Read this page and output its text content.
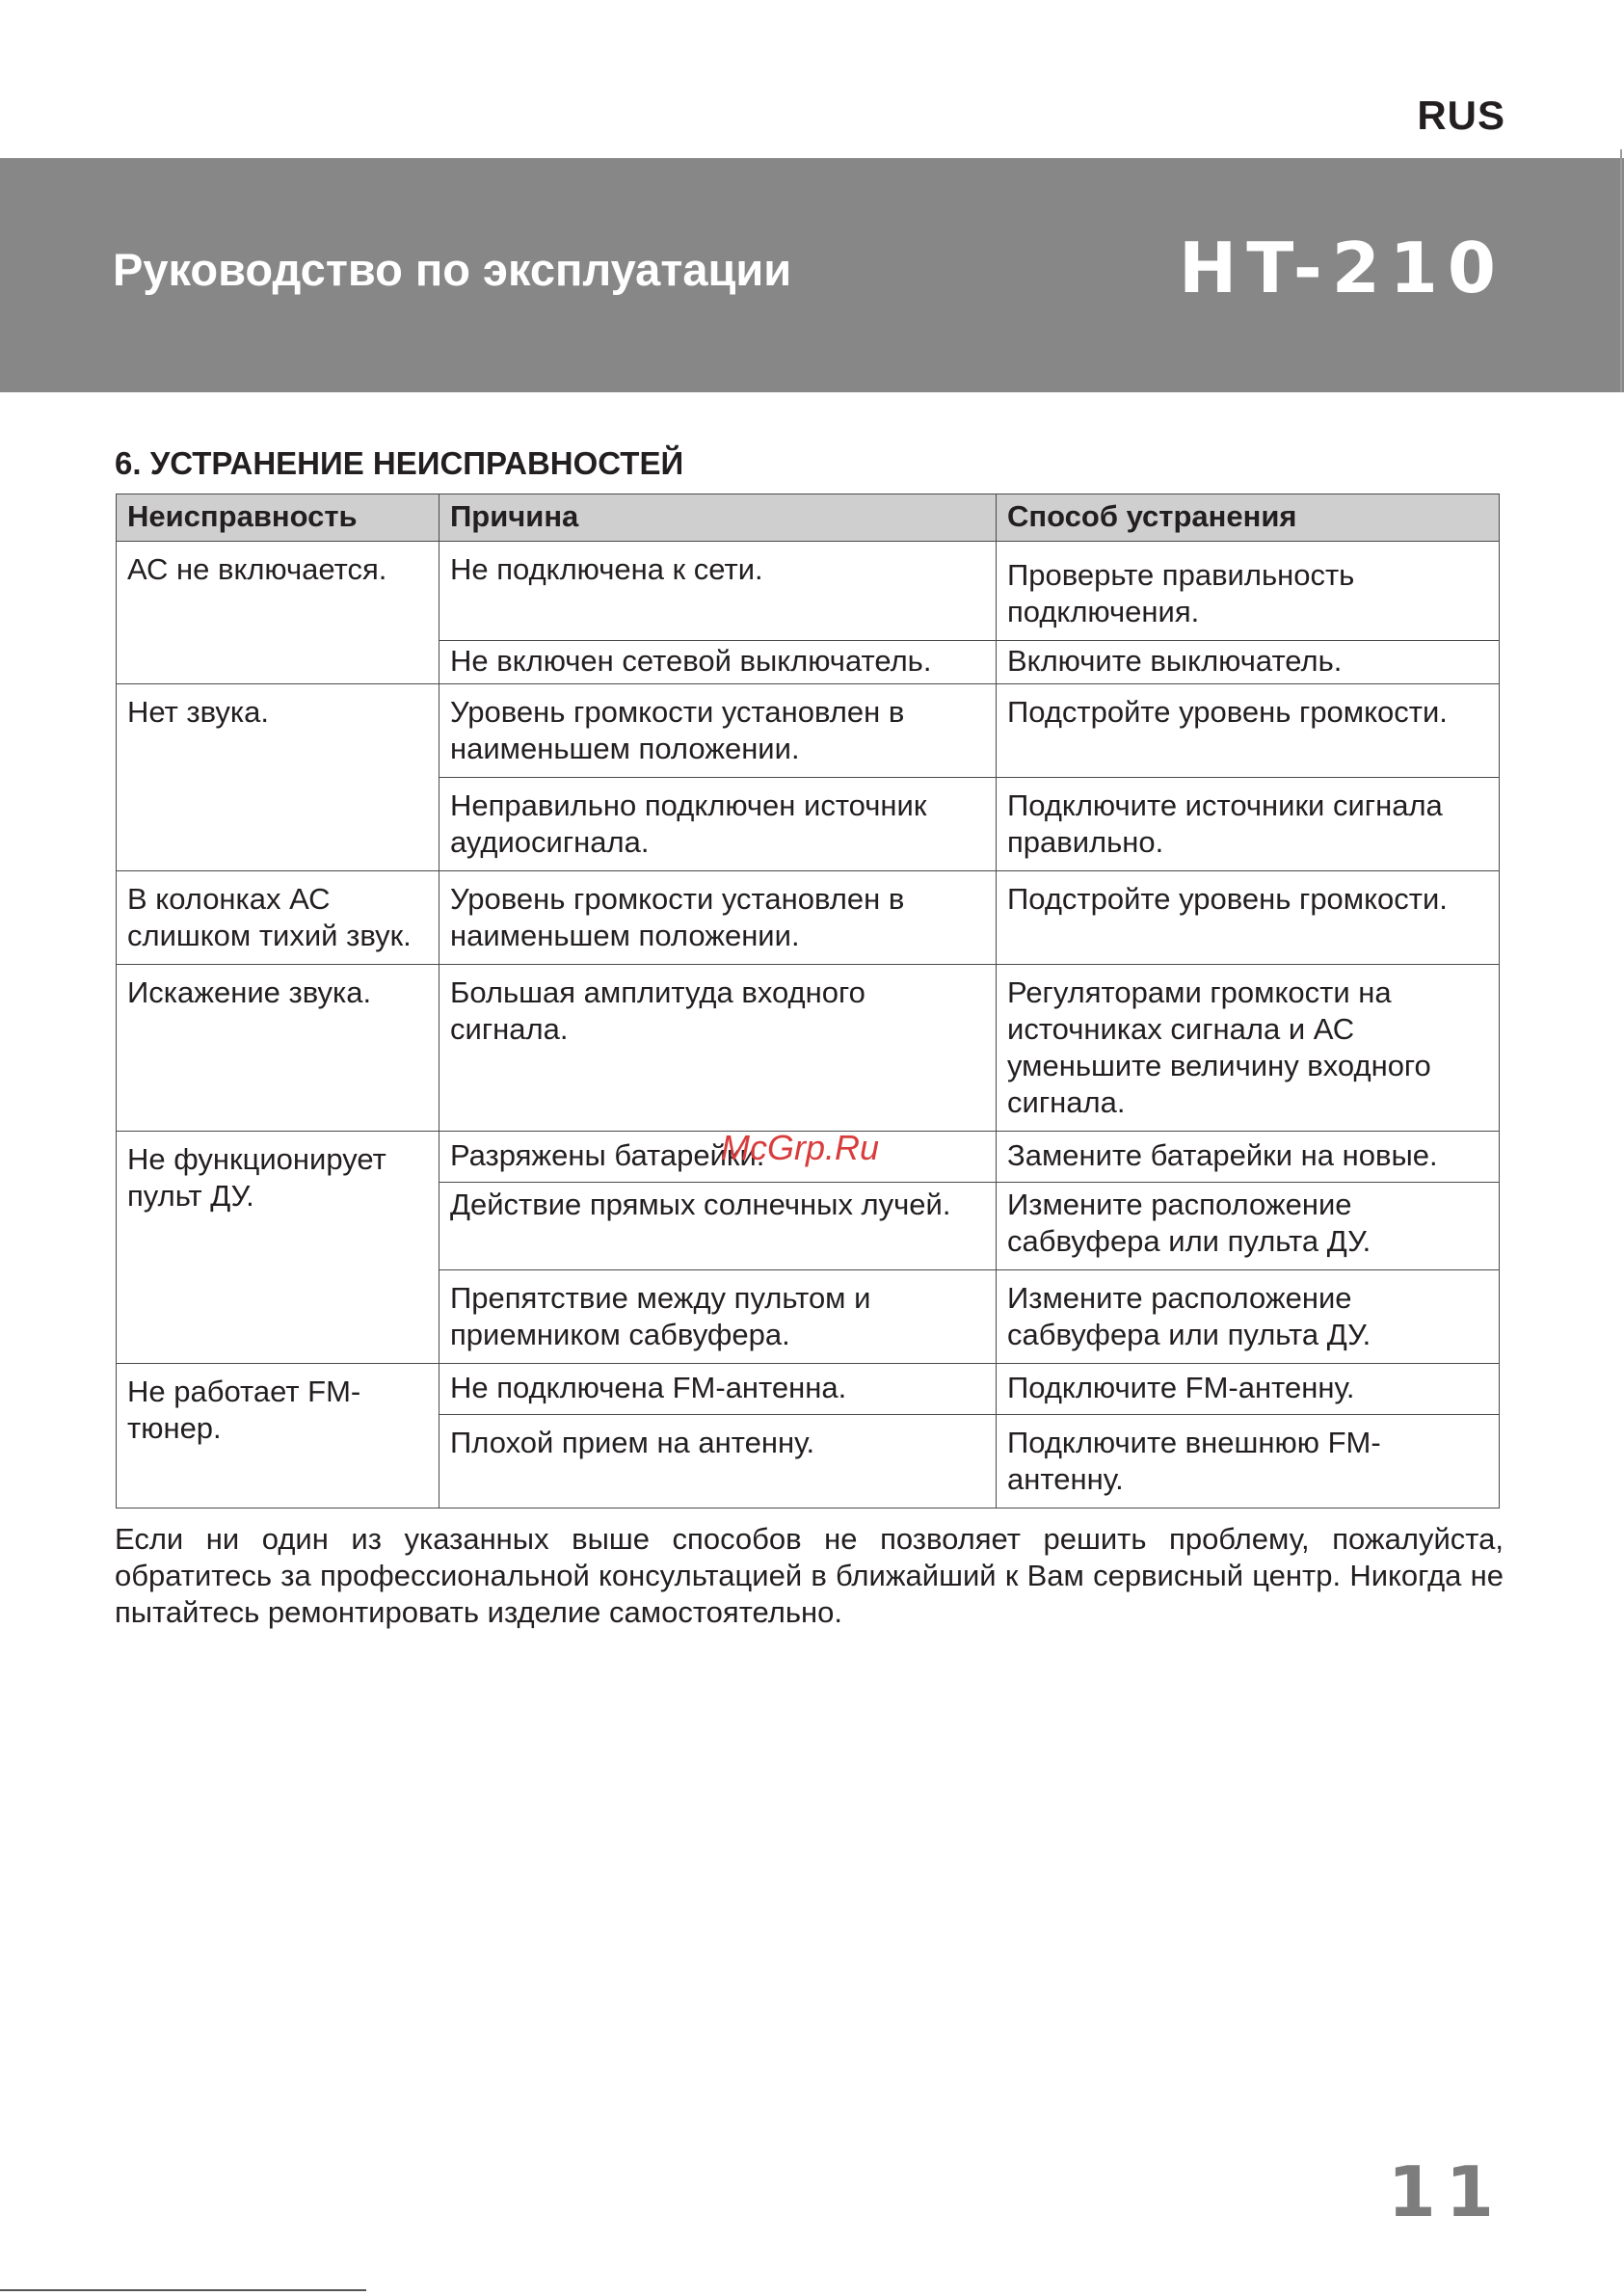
RUS
Руководство по эксплуатации	HT-210
6. УСТРАНЕНИЕ НЕИСПРАВНОСТЕЙ
Неисправность	Причина	Способ устранения
АС не включается.	Не подключена к сети.	Проверьте правильность подключения.
	Не включен сетевой выключатель.	Включите выключатель.
Нет звука.	Уровень громкости установлен в наименьшем положении.	Подстройте уровень громкости.
	Неправильно подключен источник аудиосигнала.	Подключите источники сигнала правильно.
В колонках АС слишком тихий звук.	Уровень громкости установлен в наименьшем положении.	Подстройте уровень громкости.
Искажение звука.	Большая амплитуда входного сигнала.	Регуляторами громкости на источниках сигнала и АС уменьшите величину входного сигнала.
Не функционирует пульт ДУ.	Разряжены батарейки.	Замените батарейки на новые.
	Действие прямых солнечных лучей.	Измените расположение сабвуфера или пульта ДУ.
	Препятствие между пультом и приемником сабвуфера.	Измените расположение сабвуфера или пульта ДУ.
Не работает FM-тюнер.	Не подключена FM-антенна.	Подключите FM-антенну.
	Плохой прием на антенну.	Подключите внешнюю FM-антенну.
McGrp.Ru
Если ни один из указанных выше способов не позволяет решить проблему, пожалуйста, обратитесь за профессиональной консультацией в ближайший к Вам сервисный центр. Никогда не пытайтесь ремонтировать изделие самостоятельно.
11
